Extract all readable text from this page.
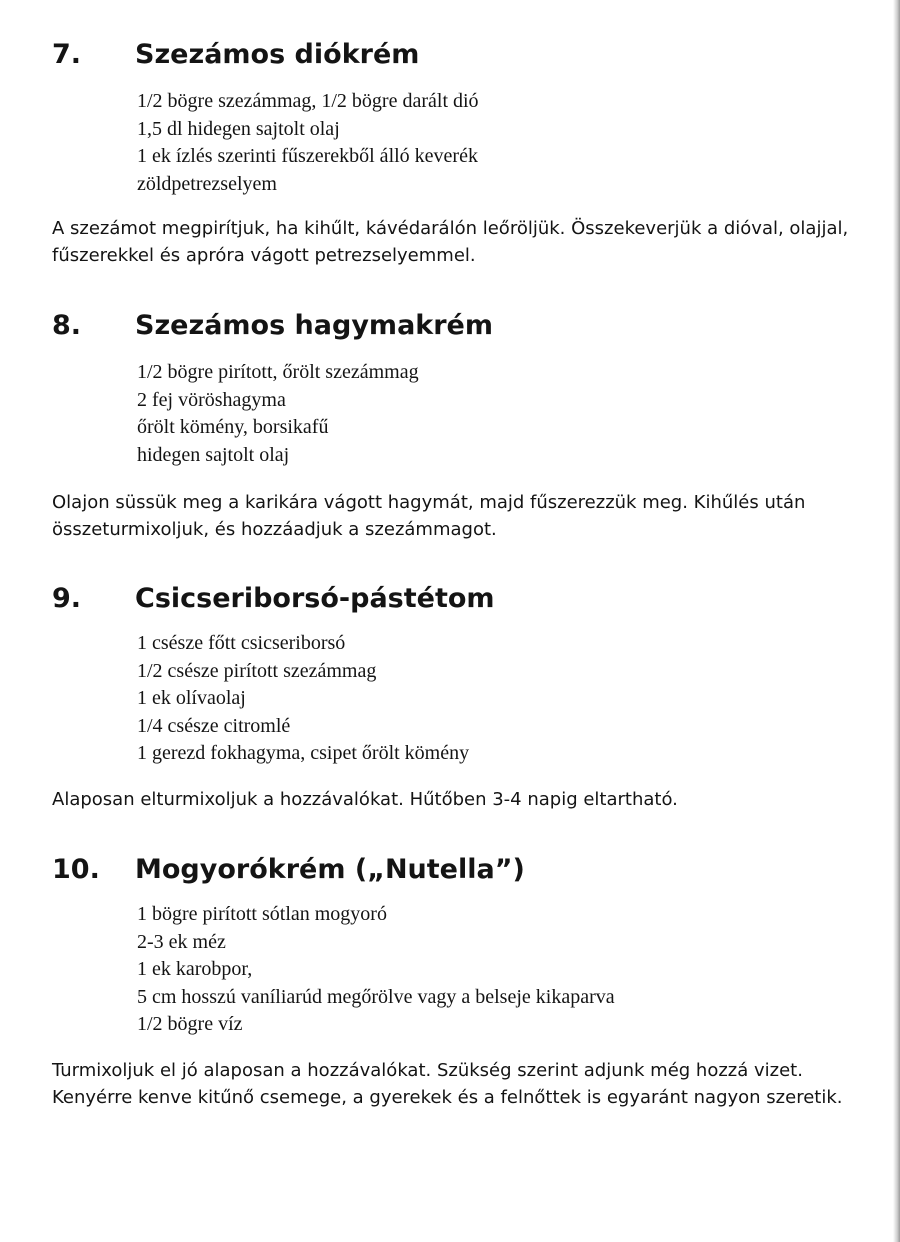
7. Szezámos diókrém
1/2 bögre szezámmag, 1/2 bögre darált dió
1,5 dl hidegen sajtolt olaj
1 ek ízlés szerinti fűszerekből álló keverék
zöldpetrezselyem

A szezámot megpirítjuk, ha kihűlt, kávédarálón leőröljük. Összekeverjük a dióval, olajjal, fűszerekkel és apróra vágott petrezselyemmel.

8. Szezámos hagymakrém
1/2 bögre pirított, őrölt szezámmag
2 fej vöröshagyma
őrölt kömény, borsikafű
hidegen sajtolt olaj

Olajon süssük meg a karikára vágott hagymát, majd fűszerezzük meg. Kihűlés után összeturmixoljuk, és hozzáadjuk a szezámmagot.

9. Csicseriborsó-pástétom
1 csésze főtt csicseriborsó
1/2 csésze pirított szezámmag
1 ek olívaolaj
1/4 csésze citromlé
1 gerezd fokhagyma, csipet őrölt kömény

Alaposan elturmixoljuk a hozzávalókat. Hűtőben 3-4 napig eltartható.

10. Mogyorókrém („Nutella”)
1 bögre pirított sótlan mogyoró
2-3 ek méz
1 ek karobpor,
5 cm hosszú vaníliarúd megőrölve vagy a belseje kikaparva
1/2 bögre víz

Turmixoljuk el jó alaposan a hozzávalókat. Szükség szerint adjunk még hozzá vizet. Kenyérre kenve kitűnő csemege, a gyerekek és a felnőttek is egyaránt nagyon szeretik.
